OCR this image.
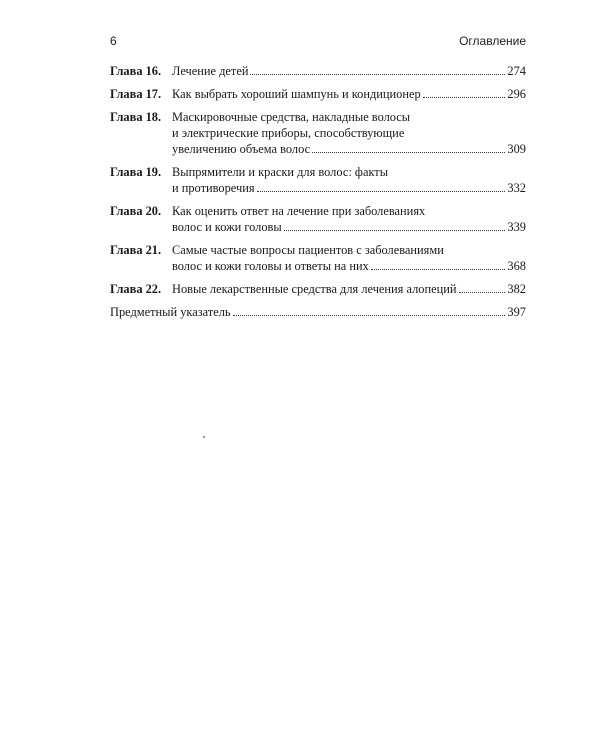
6	Оглавление
Глава 16. Лечение детей	274
Глава 17. Как выбрать хороший шампунь и кондиционер	296
Глава 18. Маскировочные средства, накладные волосы
и электрические приборы, способствующие
увеличению объема волос	309
Глава 19. Выпрямители и краски для волос: факты
и противоречия	332
Глава 20. Как оценить ответ на лечение при заболеваниях
волос и кожи головы	339
Глава 21. Самые частые вопросы пациентов с заболеваниями
волос и кожи головы и ответы на них	368
Глава 22. Новые лекарственные средства для лечения алопеций	382
Предметный указатель	397
